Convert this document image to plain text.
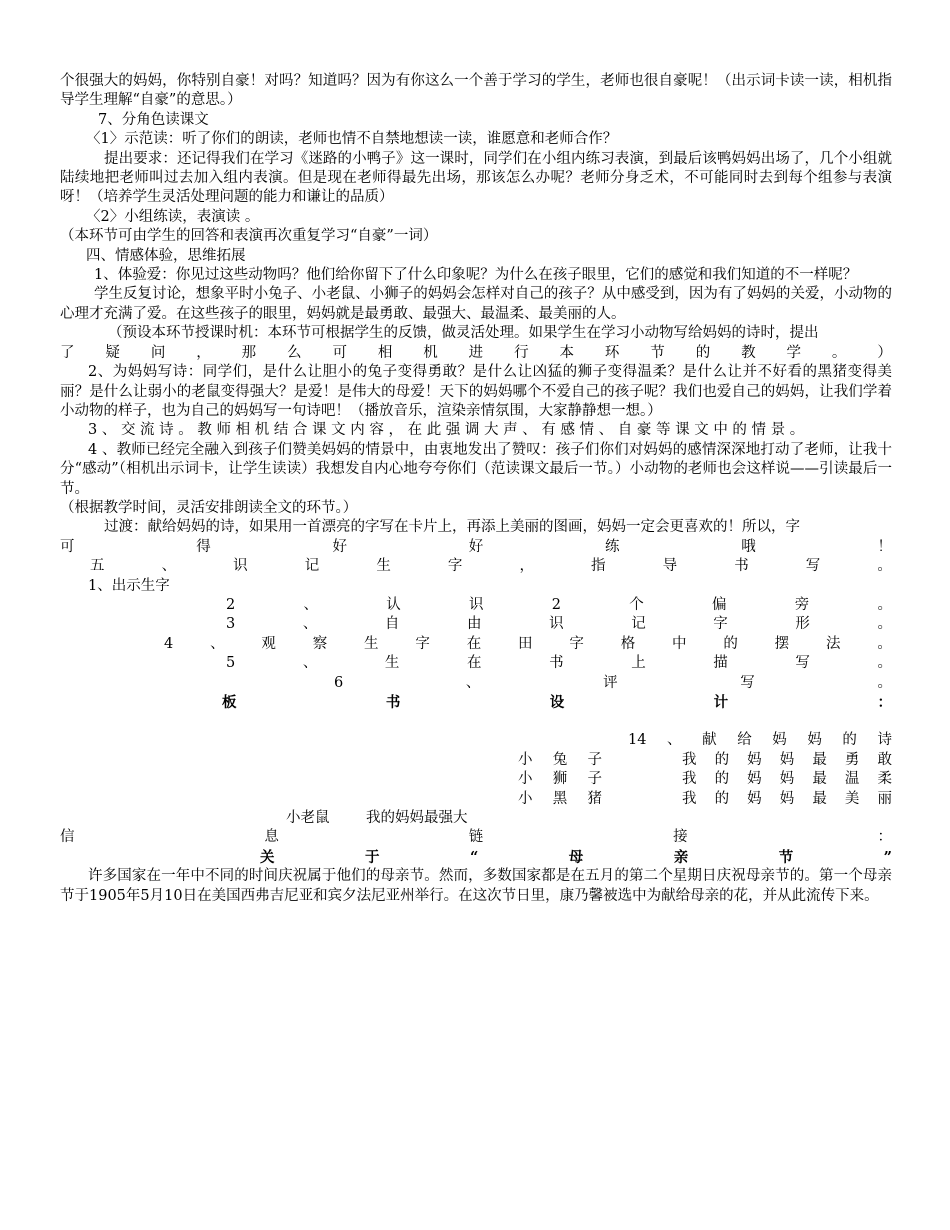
个很强大的妈妈，你特别自豪！对吗？知道吗？因为有你这么一个善于学习的学生，老师也很自豪呢！（出示词卡读一读，相机指导学生理解“自豪”的意思。）

7、分角色读课文

〈1〉示范读：听了你们的朗读，老师也情不自禁地想读一读，谁愿意和老师合作？

提出要求：还记得我们在学习《迷路的小鸭子》这一课时，同学们在小组内练习表演，到最后该鸭妈妈出场了，几个小组就陆续地把老师叫过去加入组内表演。但是现在老师得最先出场，那该怎么办呢？老师分身乏术，不可能同时去到每个组参与表演呀！（培养学生灵活处理问题的能力和谦让的品质）

〈2〉小组练读，表演读 。

（本环节可由学生的回答和表演再次重复学习“自豪”一词）

四、情感体验，思维拓展

1、体验爱：你见过这些动物吗？他们给你留下了什么印象呢？为什么在孩子眼里，它们的感觉和我们知道的不一样呢？

学生反复讨论，想象平时小兔子、小老鼠、小狮子的妈妈会怎样对自己的孩子？从中感受到，因为有了妈妈的关爱，小动物的心理才充满了爱。在这些孩子的眼里，妈妈就是最勇敢、最强大、最温柔、最美丽的人。

（预设本环节授课时机：本环节可根据学生的反馈，做灵活处理。如果学生在学习小动物写给妈妈的诗时，提出

了 疑 问 ， 那 么 可 相 机 进 行 本 环 节 的 教 学 。 ）

2、为妈妈写诗：同学们，是什么让胆小的兔子变得勇敢？是什么让凶猛的狮子变得温柔？是什么让并不好看的黑猪变得美丽？是什么让弱小的老鼠变得强大？是爱！是伟大的母爱！天下的妈妈哪个不爱自己的孩子呢？我们也爱自己的妈妈，让我们学着小动物的样子，也为自己的妈妈写一句诗吧！（播放音乐，渲染亲情氛围，大家静静想一想。）

3 、 交 流 诗 。 教 师 相 机 结 合 课 文 内 容 ， 在 此 强 调 大 声 、 有 感 情 、 自 豪 等 课 文 中 的 情 景 。

4 、教师已经完全融入到孩子们赞美妈妈的情景中，由衷地发出了赞叹：孩子们你们对妈妈的感情深深地打动了老师，让我十分“感动”（相机出示词卡，让学生读读）我想发自内心地夸夸你们（范读课文最后一节。）小动物的老师也会这样说——引读最后一节。

（根据教学时间，灵活安排朗读全文的环节。）

过渡：献给妈妈的诗，如果用一首漂亮的字写在卡片上，再添上美丽的图画，妈妈一定会更喜欢的！所以，字

可	得	好	好	练	哦	！
五	、	识	记	生	字	，	指	导	书	写	。

1、出示生字

2	、	认	识	2	个	偏	旁	。
3	、	自	由	识	记	字	形	。
4	、	观	察	生	字	在	田	字	格	中	的	摆	法	。
5	、	生	在	书	上	描	写	。
6	、	评	写	。
板	书	设	计	：
14 、 献 给 妈 妈 的 诗
小 兔 子	我 的 妈 妈 最 勇 敢
小 狮 子	我 的 妈 妈 最 温 柔
小 黑 猪	我 的 妈 妈 最 美 丽
小老鼠	我的妈妈最强大
信	息	链	接	：
关	于	“	母	亲	节	”

许多国家在一年中不同的时间庆祝属于他们的母亲节。然而，多数国家都是在五月的第二个星期日庆祝母亲节的。第一个母亲节于1905年5月10日在美国西弗吉尼亚和宾夕法尼亚州举行。在这次节日里，康乃馨被选中为献给母亲的花，并从此流传下来。
